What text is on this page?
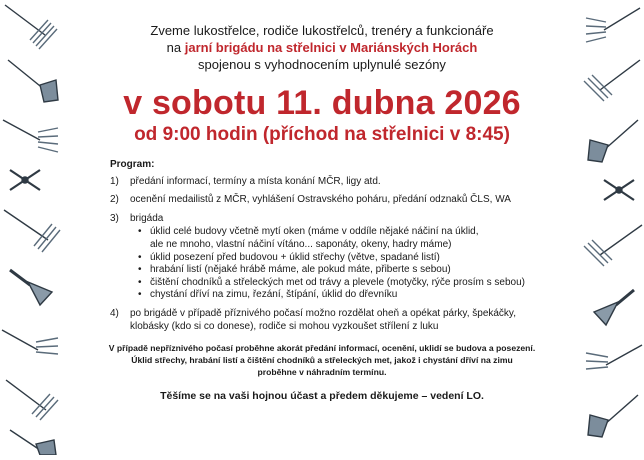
Zveme lukostřelce, rodiče lukostřelců, trenéry a funkcionáře
na jarní brigádu na střelnici v Mariánských Horách
spojenou s vyhodnocením uplynulé sezóny
v sobotu 11. dubna 2026
od 9:00 hodin (příchod na střelnici v 8:45)
Program:
1)	předání informací, termíny a místa konání MČR, ligy atd.
2)	ocenění medailistů z MČR, vyhlášení Ostravského poháru, předání odznaků ČLS, WA
3)	brigáda
• úklid celé budovy včetně mytí oken (máme v oddíle nějaké náčiní na úklid,
ale ne mnoho, vlastní náčiní vítáno... saponáty, okeny, hadry máme)
• úklid posezení před budovou + úklid střechy (větve, spadané listí)
• hrabání listí (nějaké hrábě máme, ale pokud máte, přiberte s sebou)
• čištění chodníků a střeleckých met od trávy a plevele (motyčky, rýče prosím s sebou)
• chystání dříví na zimu, řezání, štípání, úklid do dřevníku
4)	po brigádě v případě příznivého počasí možno rozdělat oheň a opékat párky, špekáčky,
klobásky (kdo si co donese), rodiče si mohou vyzkoušet střílení z luku
V případě nepříznivého počasí proběhne akorát předání informací, ocenění, uklidí se budova a posezení.
Úklid střechy, hrabání listí a čištění chodníků a střeleckých met, jakož i chystání dříví na zimu
proběhne v náhradním termínu.
Těšíme se na vaši hojnou účast a předem děkujeme – vedení LO.
